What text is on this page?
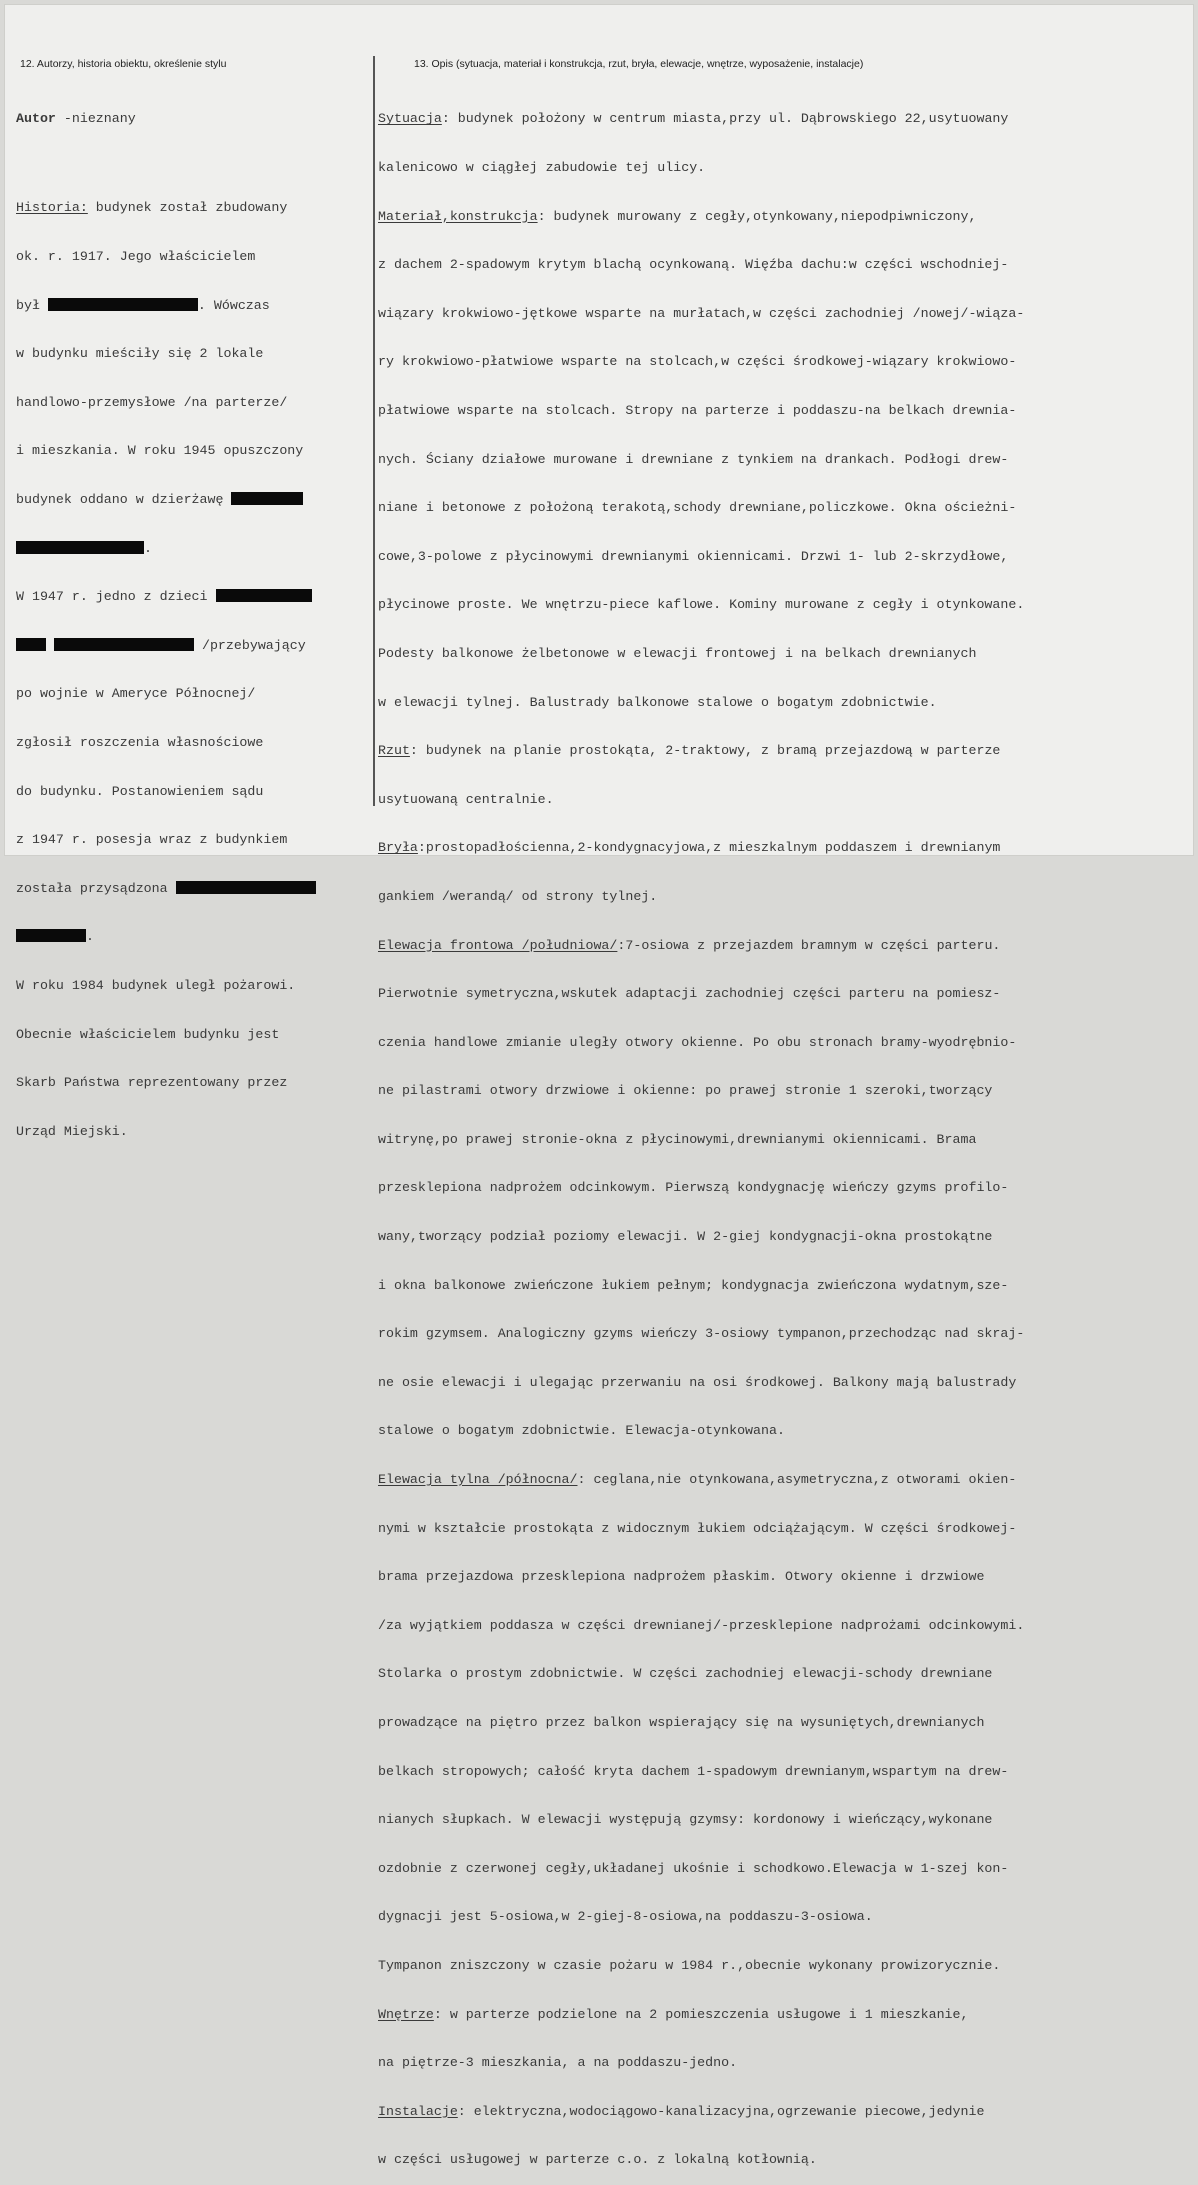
12. Autorzy, historia obiektu, określenie stylu	13. Opis (sytuacja, materiał i konstrukcja, rzut, bryła, elewacje, wnętrze, wyposażenie, instalacje)

Autor -nieznany

Historia: budynek został zbudowany

ok. r. 1917. Jego właścicielem

był	. Wówczas

w budynku mieściły się 2 lokale

handlowo-przemysłowe /na parterze/

i mieszkania. W roku 1945 opuszczony

budynek oddano w dzierżawę

.

W 1947 r. jedno z dzieci

/przebywający

po wojnie w Ameryce Północnej/

zgłosił roszczenia własnościowe

do budynku. Postanowieniem sądu

z 1947 r. posesja wraz z budynkiem

została przysądzona

.

W roku 1984 budynek uległ pożarowi.

Obecnie właścicielem budynku jest

Skarb Państwa reprezentowany przez

Urząd Miejski.

Sytuacja: budynek położony w centrum miasta,przy ul. Dąbrowskiego 22,usytuowany

kalenicowo w ciągłej zabudowie tej ulicy.

Materiał,konstrukcja: budynek murowany z cegły,otynkowany,niepodpiwniczony,

z dachem 2-spadowym krytym blachą ocynkowaną. Więźba dachu:w części wschodniej-

wiązary krokwiowo-jętkowe wsparte na murłatach,w części zachodniej /nowej/-wiąza-

ry krokwiowo-płatwiowe wsparte na stolcach,w części środkowej-wiązary krokwiowo-

płatwiowe wsparte na stolcach. Stropy na parterze i poddaszu-na belkach drewnia-

nych. Ściany działowe murowane i drewniane z tynkiem na drankach. Podłogi drew-

niane i betonowe z położoną terakotą,schody drewniane,policzkowe. Okna ościeżni-

cowe,3-polowe z płycinowymi drewnianymi okiennicami. Drzwi 1- lub 2-skrzydłowe,

płycinowe proste. We wnętrzu-piece kaflowe. Kominy murowane z cegły i otynkowane.

Podesty balkonowe żelbetonowe w elewacji frontowej i na belkach drewnianych

w elewacji tylnej. Balustrady balkonowe stalowe o bogatym zdobnictwie.

Rzut: budynek na planie prostokąta, 2-traktowy, z bramą przejazdową w parterze

usytuowaną centralnie.

Bryła:prostopadłościenna,2-kondygnacyjowa,z mieszkalnym poddaszem i drewnianym

gankiem /werandą/ od strony tylnej.

Elewacja frontowa /południowa/:7-osiowa z przejazdem bramnym w części parteru.

Pierwotnie symetryczna,wskutek adaptacji zachodniej części parteru na pomiesz-

czenia handlowe zmianie uległy otwory okienne. Po obu stronach bramy-wyodrębnio-

ne pilastrami otwory drzwiowe i okienne: po prawej stronie 1 szeroki,tworzący

witrynę,po prawej stronie-okna z płycinowymi,drewnianymi okiennicami. Brama

przesklepiona nadprożem odcinkowym. Pierwszą kondygnację wieńczy gzyms profilo-

wany,tworzący podział poziomy elewacji. W 2-giej kondygnacji-okna prostokątne

i okna balkonowe zwieńczone łukiem pełnym; kondygnacja zwieńczona wydatnym,sze-

rokim gzymsem. Analogiczny gzyms wieńczy 3-osiowy tympanon,przechodząc nad skraj-

ne osie elewacji i ulegając przerwaniu na osi środkowej. Balkony mają balustrady

stalowe o bogatym zdobnictwie. Elewacja-otynkowana.

Elewacja tylna /północna/: ceglana,nie otynkowana,asymetryczna,z otworami okien-

nymi w kształcie prostokąta z widocznym łukiem odciążającym. W części środkowej-

brama przejazdowa przesklepiona nadprożem płaskim. Otwory okienne i drzwiowe

/za wyjątkiem poddasza w części drewnianej/-przesklepione nadprożami odcinkowymi.

Stolarka o prostym zdobnictwie. W części zachodniej elewacji-schody drewniane

prowadzące na piętro przez balkon wspierający się na wysuniętych,drewnianych

belkach stropowych; całość kryta dachem 1-spadowym drewnianym,wspartym na drew-

nianych słupkach. W elewacji występują gzymsy: kordonowy i wieńczący,wykonane

ozdobnie z czerwonej cegły,układanej ukośnie i schodkowo.Elewacja w 1-szej kon-

dygnacji jest 5-osiowa,w 2-giej-8-osiowa,na poddaszu-3-osiowa.

Tympanon zniszczony w czasie pożaru w 1984 r.,obecnie wykonany prowizorycznie.

Wnętrze: w parterze podzielone na 2 pomieszczenia usługowe i 1 mieszkanie,

na piętrze-3 mieszkania, a na poddaszu-jedno.

Instalacje: elektryczna,wodociągowo-kanalizacyjna,ogrzewanie piecowe,jedynie

w części usługowej w parterze c.o. z lokalną kotłownią.
